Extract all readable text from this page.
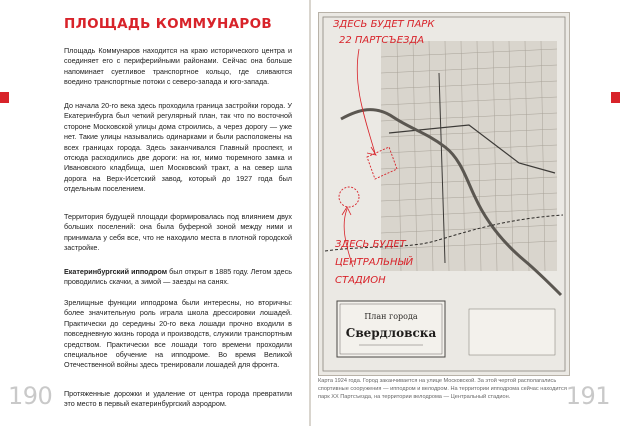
ПЛОЩАДЬ КОММУНАРОВ

Площадь Коммунаров находится на краю исторического центра и соединяет его с периферийными районами. Сейчас она больше напоминает суетливое транспортное кольцо, где сливаются воедино транспортные потоки с северо-запада и юго-запада.

До начала 20-го века здесь проходила граница застройки города. У Екатеринбурга был четкий регулярный план, так что по восточной стороне Московской улицы дома строились, а через дорогу — уже нет. Такие улицы назывались одинарками и были расположены на всех границах города. Здесь заканчивался Главный проспект, и отсюда расходились две дороги: на юг, мимо тюремного замка и Ивановского кладбища, шел Московский тракт, а на север шла дорога на Верх-Исетский завод, который до 1927 года был отдельным поселением.

Территория будущей площади формировалась под влиянием двух больших поселений: она была буферной зоной между ними и принимала у себя все, что не находило места в плотной городской застройке.

Екатеринбургский ипподром был открыт в 1885 году. Летом здесь проводились скачки, а зимой — заезды на санях.

Зрелищные функции ипподрома были интересны, но вторичны: более значительную роль играла школа дрессировки лошадей. Практически до середины 20-го века лошади прочно входили в повседневную жизнь города и производств, служили транспортным средством. Практически все лошади того времени проходили специальное обучение на ипподроме. Во время Великой Отечественной войны здесь тренировали лошадей для фронта.

Протяженные дорожки и удаление от центра города превратили это место в первый екатеринбургский аэродром.

190	191
ЗДЕСЬ БУДЕТ ПАРК
22 ПАРТСЪЕЗДА
ЗДЕСЬ БУДЕТ
ЦЕНТРАЛЬНЫЙ
СТАДИОН
План города
Свердловска

Карта 1924 года. Город заканчивается на улице Московской. За этой чертой располагались спортивные сооружения — ипподром и велодром. На территории ипподрома сейчас находится парк XX Партсъезда, на территории велодрома — Центральный стадион.
